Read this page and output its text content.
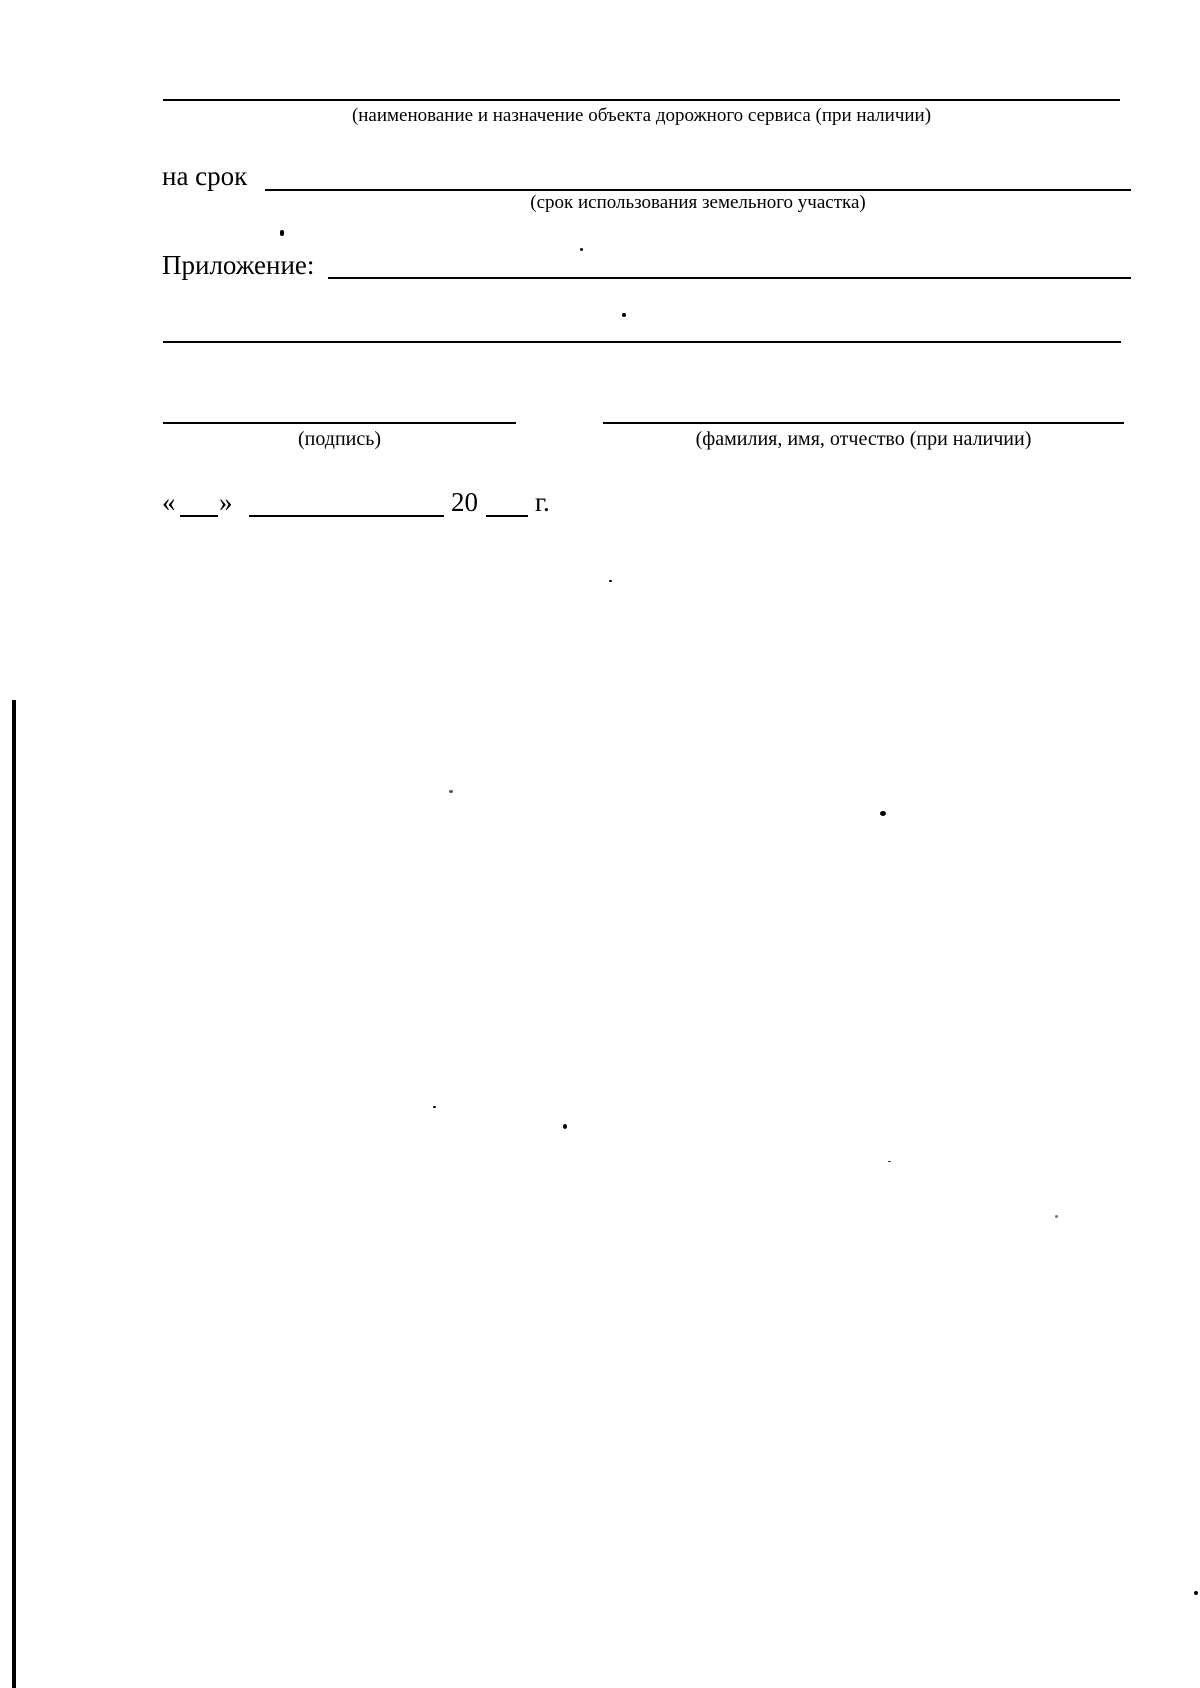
(наименование и назначение объекта дорожного сервиса (при наличии)
на срок
(срок использования земельного участка)
Приложение:
(подпись)	(фамилия, имя, отчество (при наличии)
« »	20 г.
